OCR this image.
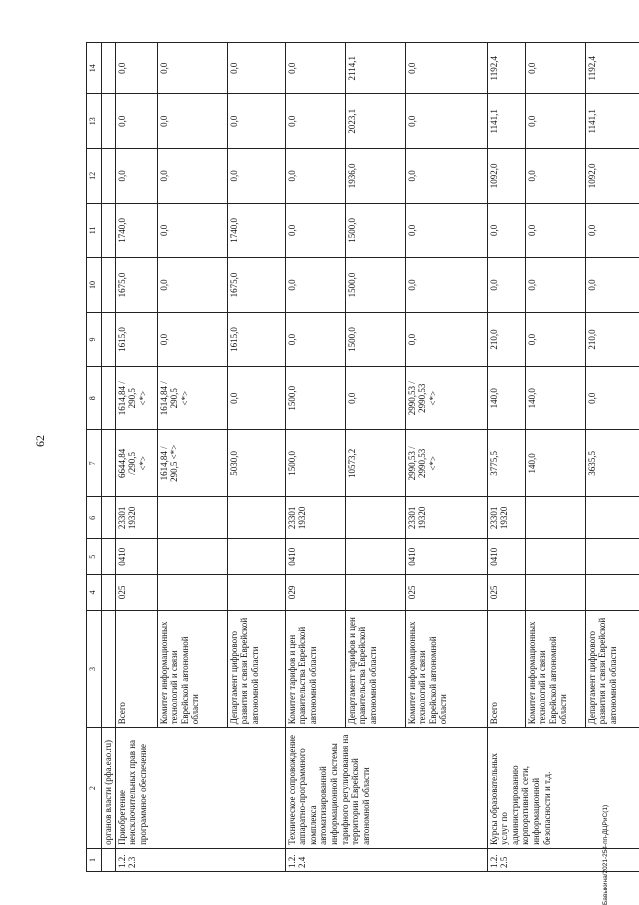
62
Бавыкина/2021-254-пп-ДЦРиС(1)
1	2	3	4	5	6	7	8	9	10	11	12	13	14
	органов власти (рфа.eao.ru)												
1.2.
2.3	Приобретение неисключительных прав на программное обеспечение	Всего	025	0410	23301
19320	6644,84
/290,5
<*>	1614,84 /
290,5
<*>	1615,0	1675,0	1740,0	0,0	0,0	0,0
		Комитет информационных технологий и связи Еврейской автономной области				1614,84 /
290,5 <*>	1614,84 /
290,5
<*>	0,0	0,0	0,0	0,0	0,0	0,0
		Департамент цифрового развития и связи Еврейской автономной области				5030,0	0,0	1615,0	1675,0	1740,0	0,0	0,0	0,0
1.2.
2.4	Техническое сопровождение аппаратно-программного комплекса автоматизированной информационной системы тарифного регулирования на территории Еврейской автономной области	Комитет тарифов и цен правительства Еврейской автономной области	029	0410	23301
19320	1500,0	1500,0	0,0	0,0	0,0	0,0	0,0	0,0
		Департамент тарифов и цен правительства Еврейской автономной области				10573,2	0,0	1500,0	1500,0	1500,0	1936,0	2023,1	2114,1
		Комитет информационных технологий и связи Еврейской автономной области	025	0410	23301
19320	2990,53 /
2990,53
<*>	2990,53 /
2990,53
<*>	0,0	0,0	0,0	0,0	0,0	0,0
1.2.
2.5	Курсы образовательных услуг по администрированию корпоративной сети, информационной безопасности и т.д.	Всего	025	0410	23301
19320	3775,5	140,0	210,0	0,0	0,0	1092,0	1141,1	1192,4
		Комитет информационных технологий и связи Еврейской автономной области				140,0	140,0	0,0	0,0	0,0	0,0	0,0	0,0
		Департамент цифрового развития и связи Еврейской автономной области				3635,5	0,0	210,0	0,0	0,0	1092,0	1141,1	1192,4
